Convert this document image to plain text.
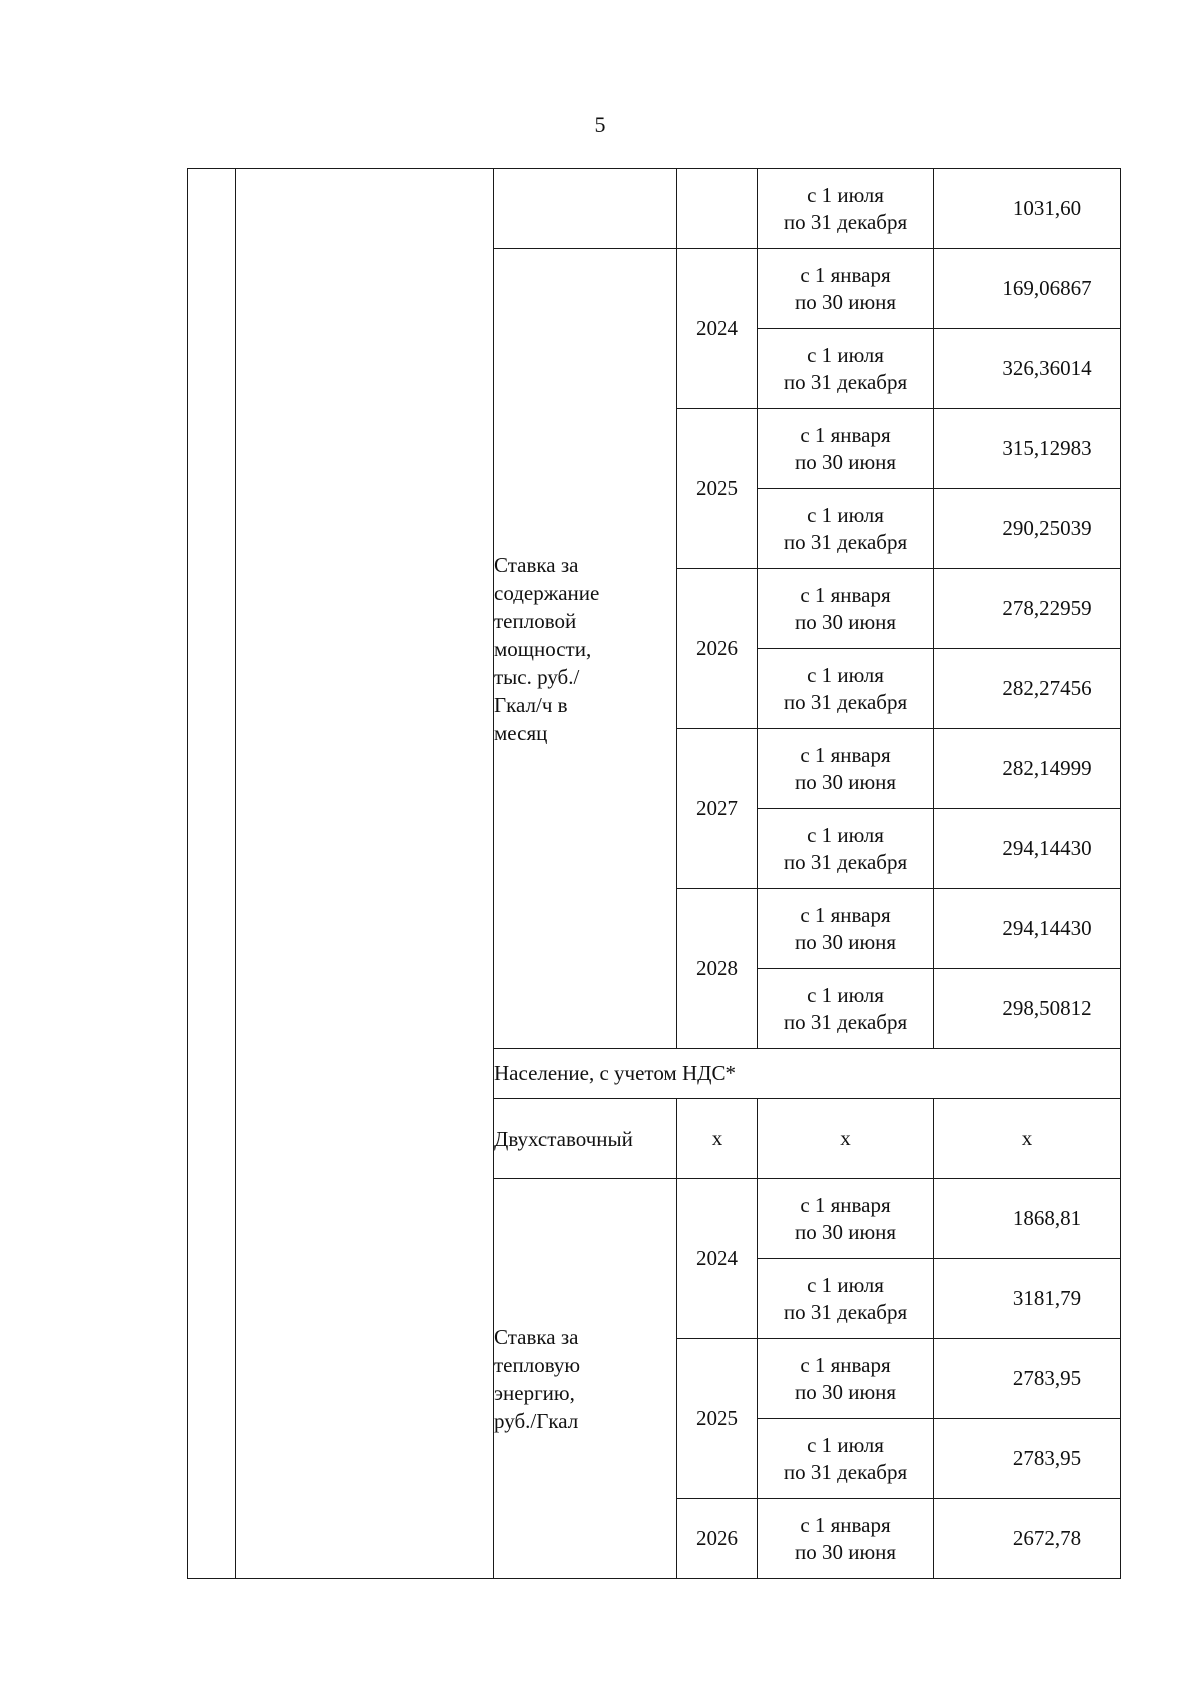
5
				с 1 июля
по 31 декабря	1031,60

		Ставка за содержание тепловой мощности, тыс. руб./Гкал/ч в месяц	2024	с 1 января
по 30 июня	169,06867
				с 1 июля
по 31 декабря	326,36014
			2025	с 1 января
по 30 июня	315,12983
				с 1 июля
по 31 декабря	290,25039
			2026	с 1 января
по 30 июня	278,22959
				с 1 июля
по 31 декабря	282,27456
			2027	с 1 января
по 30 июня	282,14999
				с 1 июля
по 31 декабря	294,14430
			2028	с 1 января
по 30 июня	294,14430
				с 1 июля
по 31 декабря	298,50812
		Население, с учетом НДС*			
		Двухставочный	х	х	х

		Ставка за тепловую энергию, руб./Гкал	2024	с 1 января
по 30 июня	1868,81
				с 1 июля
по 31 декабря	3181,79
			2025	с 1 января
по 30 июня	2783,95
				с 1 июля
по 31 декабря	2783,95
			2026	с 1 января
по 30 июня	2672,78
